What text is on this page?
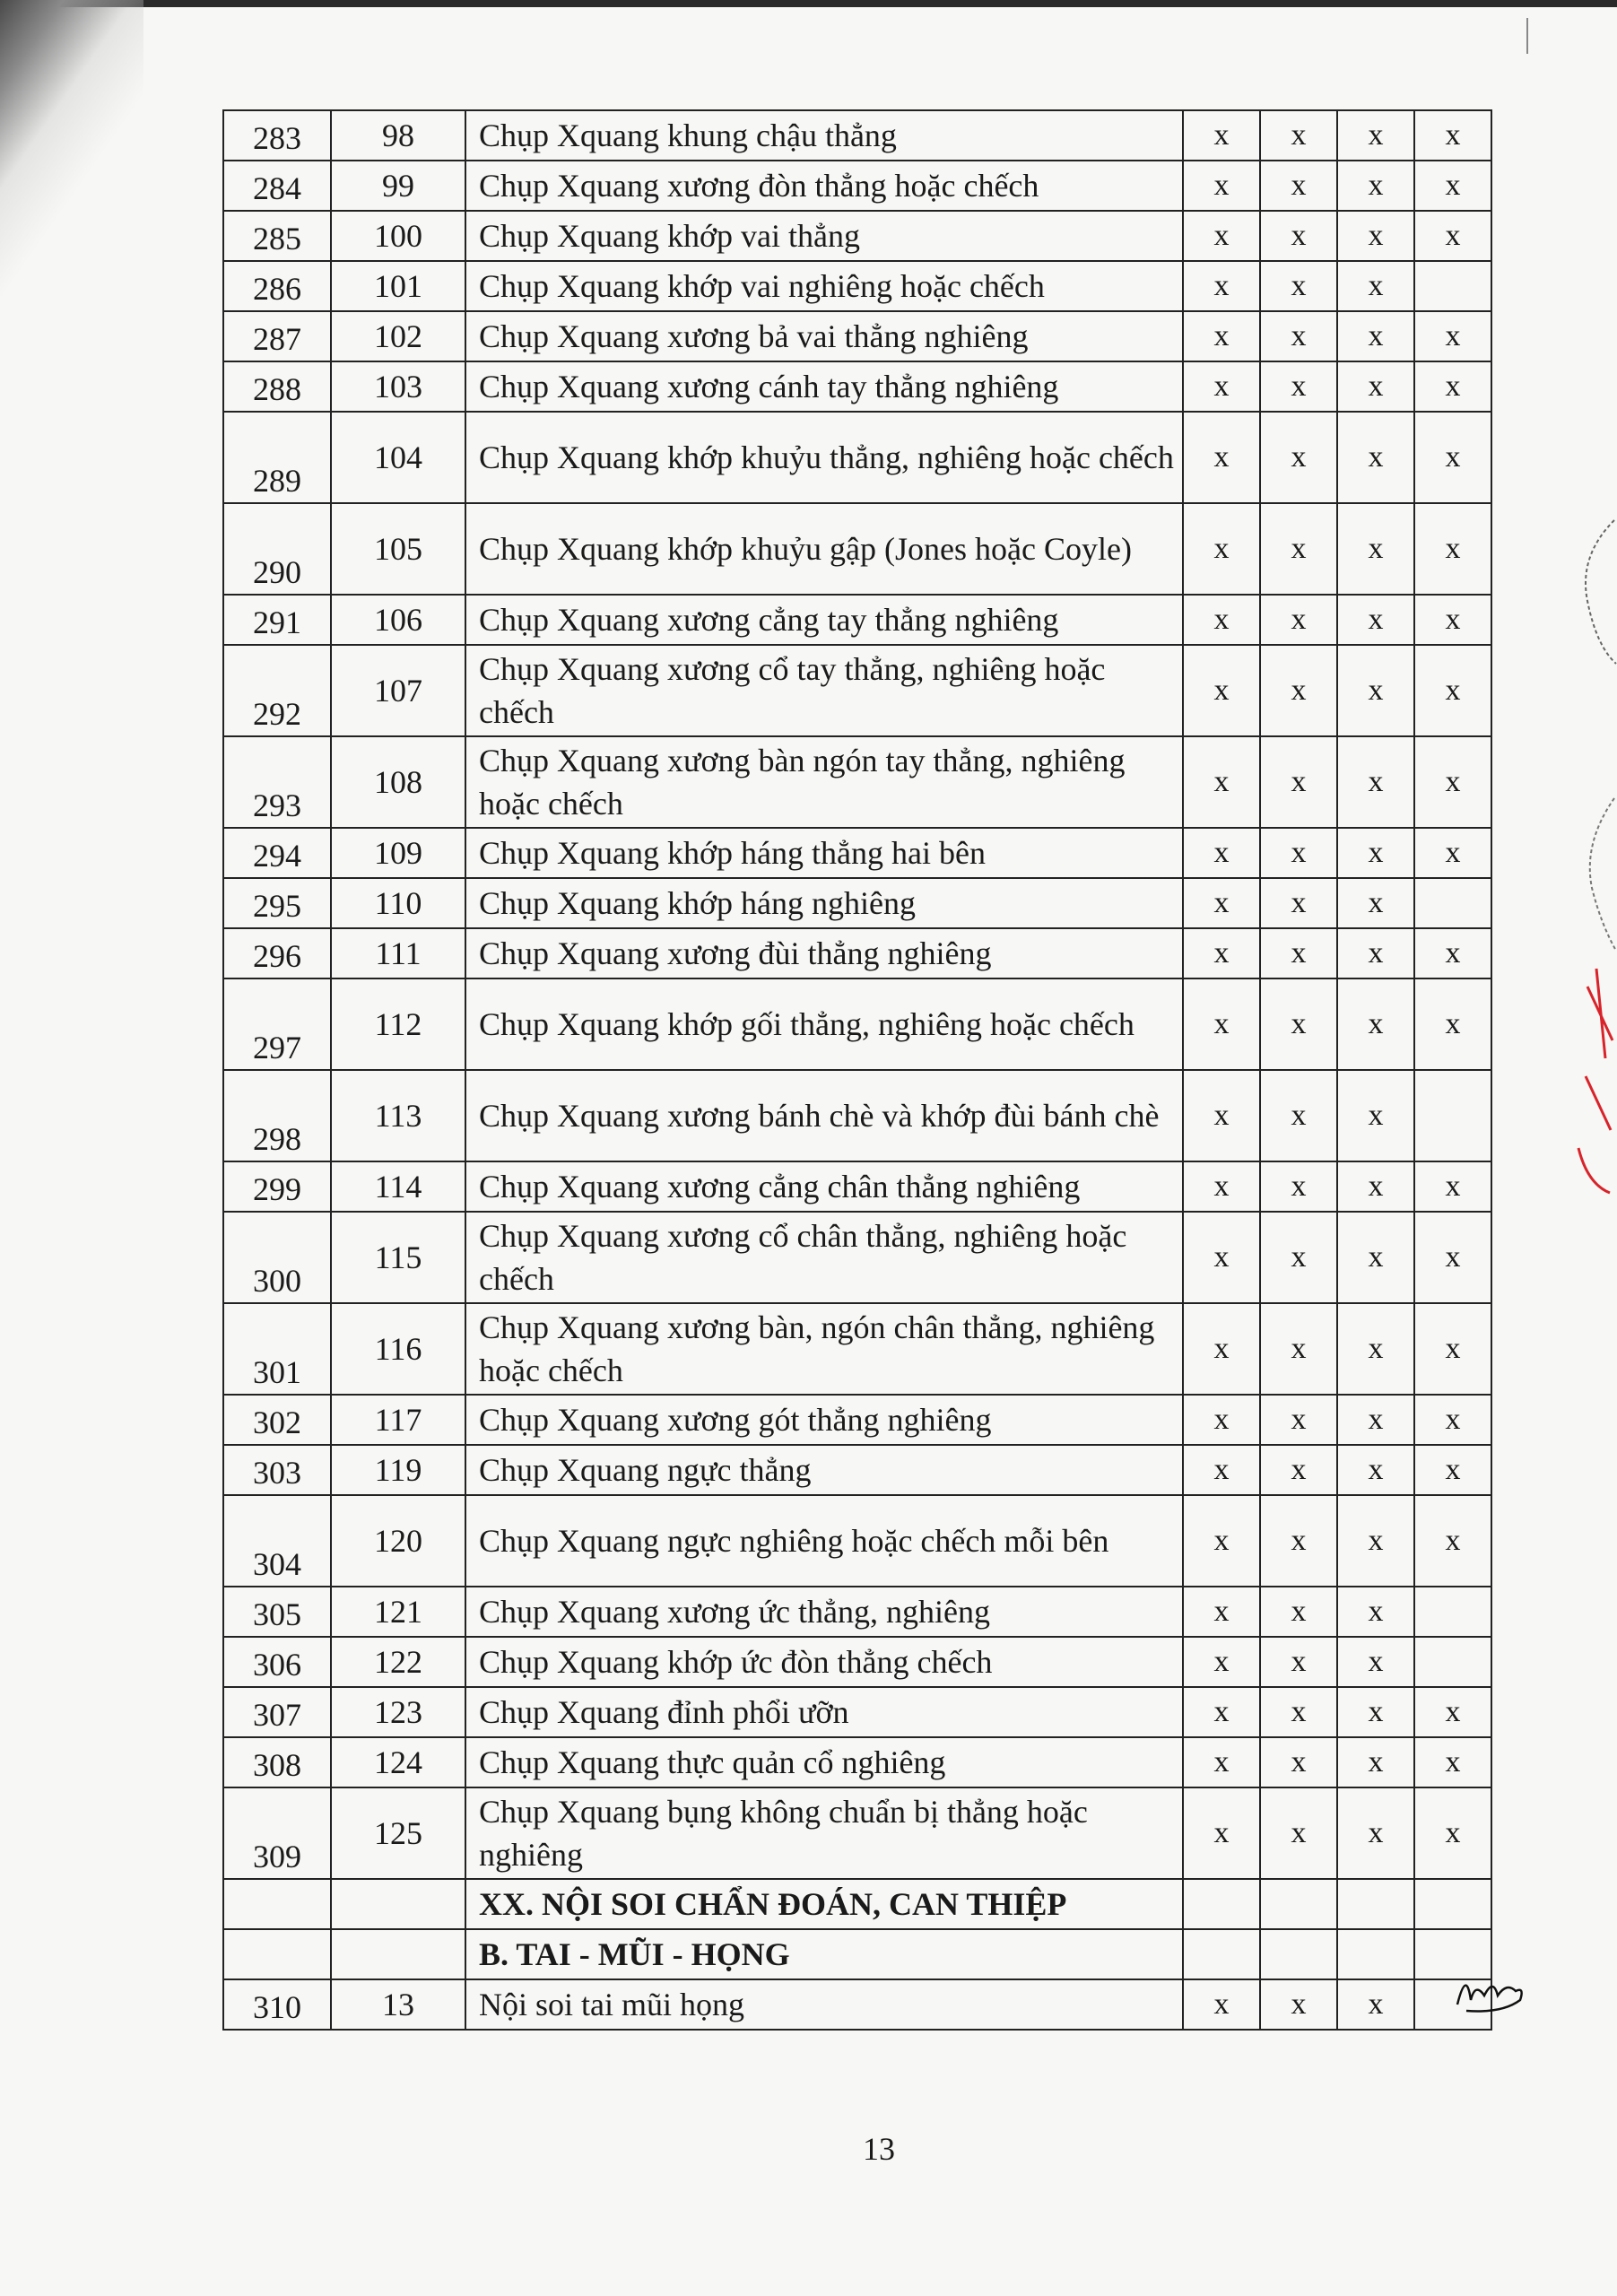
283	98	Chụp Xquang khung chậu thẳng	x	x	x	x
284	99	Chụp Xquang xương đòn thẳng hoặc chếch	x	x	x	x
285	100	Chụp Xquang khớp vai thẳng	x	x	x	x
286	101	Chụp Xquang khớp vai nghiêng hoặc chếch	x	x	x	
287	102	Chụp Xquang xương bả vai thẳng nghiêng	x	x	x	x
288	103	Chụp Xquang xương cánh tay thẳng nghiêng	x	x	x	x
289	104	Chụp Xquang khớp khuỷu thẳng, nghiêng hoặc chếch	x	x	x	x
290	105	Chụp Xquang khớp khuỷu gập (Jones hoặc Coyle)	x	x	x	x
291	106	Chụp Xquang xương cẳng tay thẳng nghiêng	x	x	x	x
292	107	Chụp Xquang xương cổ tay thẳng, nghiêng hoặc chếch	x	x	x	x
293	108	Chụp Xquang xương bàn ngón tay thẳng, nghiêng hoặc chếch	x	x	x	x
294	109	Chụp Xquang khớp háng thẳng hai bên	x	x	x	x
295	110	Chụp Xquang khớp háng nghiêng	x	x	x	
296	111	Chụp Xquang xương đùi thẳng nghiêng	x	x	x	x
297	112	Chụp Xquang khớp gối thẳng, nghiêng hoặc chếch	x	x	x	x
298	113	Chụp Xquang xương bánh chè và khớp đùi bánh chè	x	x	x	
299	114	Chụp Xquang xương cẳng chân thẳng nghiêng	x	x	x	x
300	115	Chụp Xquang xương cổ chân thẳng, nghiêng hoặc chếch	x	x	x	x
301	116	Chụp Xquang xương bàn, ngón chân thẳng, nghiêng hoặc chếch	x	x	x	x
302	117	Chụp Xquang xương gót thẳng nghiêng	x	x	x	x
303	119	Chụp Xquang ngực thẳng	x	x	x	x
304	120	Chụp Xquang ngực nghiêng hoặc chếch mỗi bên	x	x	x	x
305	121	Chụp Xquang xương ức thẳng, nghiêng	x	x	x	
306	122	Chụp Xquang khớp ức đòn thẳng chếch	x	x	x	
307	123	Chụp Xquang đỉnh phổi ưỡn	x	x	x	x
308	124	Chụp Xquang thực quản cổ nghiêng	x	x	x	x
309	125	Chụp Xquang bụng không chuẩn bị thẳng hoặc nghiêng	x	x	x	x
		XX. NỘI SOI CHẨN ĐOÁN, CAN THIỆP				
		B. TAI - MŨI - HỌNG				
310	13	Nội soi tai mũi họng	x	x	x	
13
